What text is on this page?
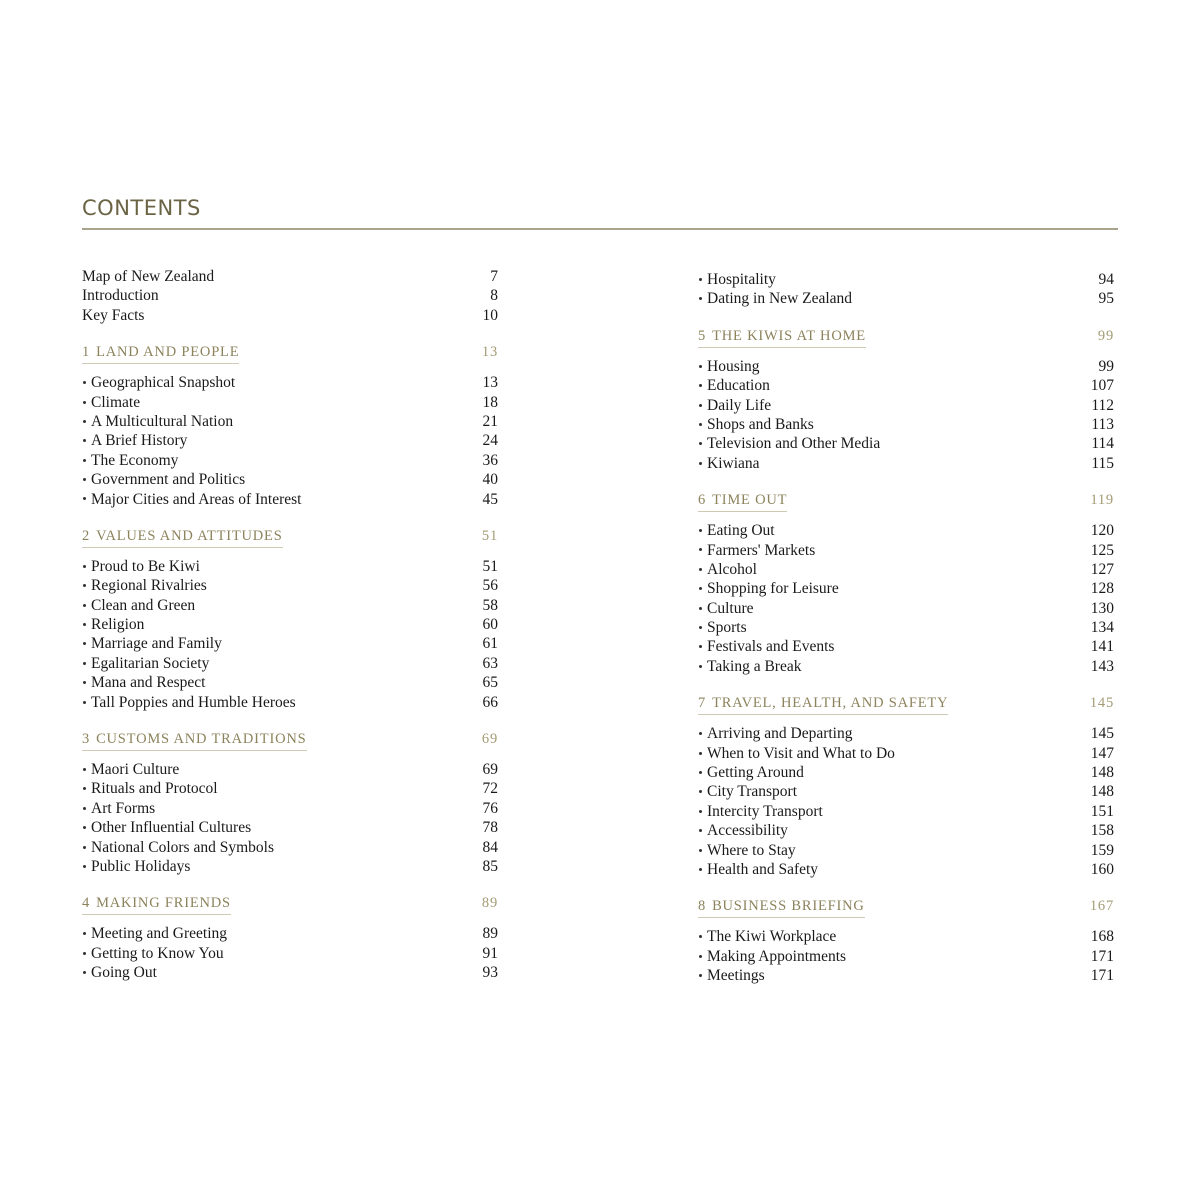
CONTENTS
Map of New Zealand	7
Introduction	8
Key Facts	10
1 LAND AND PEOPLE	13
Geographical Snapshot	13
Climate	18
A Multicultural Nation	21
A Brief History	24
The Economy	36
Government and Politics	40
Major Cities and Areas of Interest	45
2 VALUES AND ATTITUDES	51
Proud to Be Kiwi	51
Regional Rivalries	56
Clean and Green	58
Religion	60
Marriage and Family	61
Egalitarian Society	63
Mana and Respect	65
Tall Poppies and Humble Heroes	66
3 CUSTOMS AND TRADITIONS	69
Maori Culture	69
Rituals and Protocol	72
Art Forms	76
Other Influential Cultures	78
National Colors and Symbols	84
Public Holidays	85
4 MAKING FRIENDS	89
Meeting and Greeting	89
Getting to Know You	91
Going Out	93
Hospitality	94
Dating in New Zealand	95
5 THE KIWIS AT HOME	99
Housing	99
Education	107
Daily Life	112
Shops and Banks	113
Television and Other Media	114
Kiwiana	115
6 TIME OUT	119
Eating Out	120
Farmers' Markets	125
Alcohol	127
Shopping for Leisure	128
Culture	130
Sports	134
Festivals and Events	141
Taking a Break	143
7 TRAVEL, HEALTH, AND SAFETY	145
Arriving and Departing	145
When to Visit and What to Do	147
Getting Around	148
City Transport	148
Intercity Transport	151
Accessibility	158
Where to Stay	159
Health and Safety	160
8 BUSINESS BRIEFING	167
The Kiwi Workplace	168
Making Appointments	171
Meetings	171
